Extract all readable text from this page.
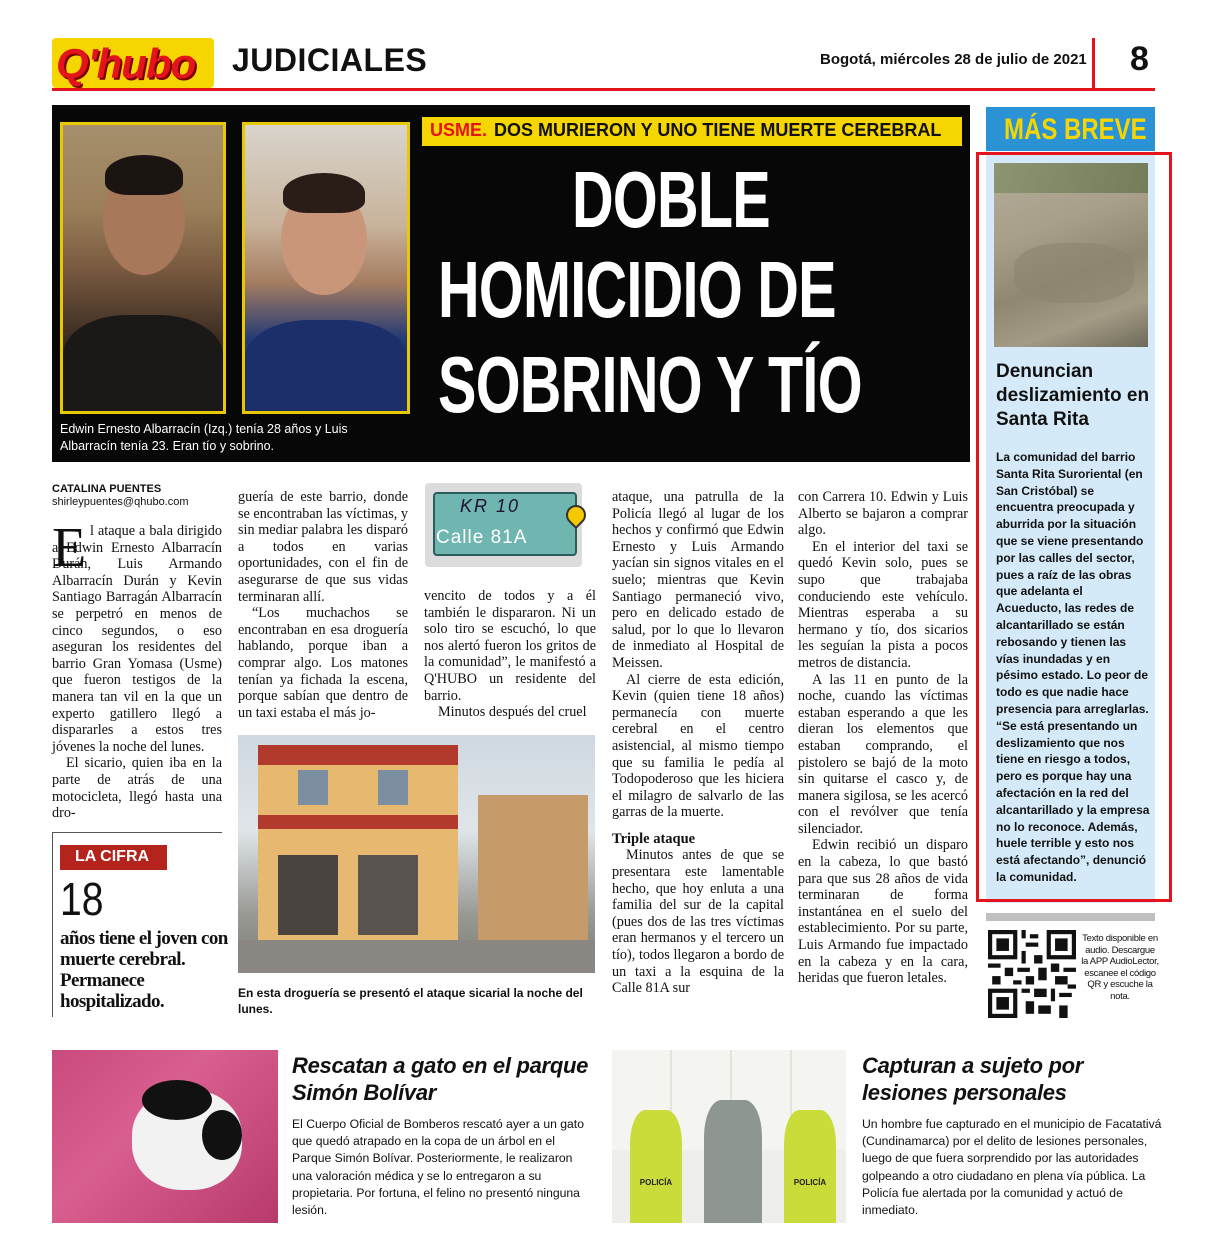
Q'hubo JUDICIALES	Bogotá, miércoles 28 de julio de 2021 8
Edwin Ernesto Albarracín (Izq.) tenía 28 años y Luis Albarracín tenía 23. Eran tío y sobrino.
USME. DOS MURIERON Y UNO TIENE MUERTE CEREBRAL
DOBLE
HOMICIDIO DE
SOBRINO Y TÍO
MÁS BREVE
Denuncian deslizamiento en Santa Rita
La comunidad del barrio Santa Rita Suroriental (en San Cristóbal) se encuentra preocupada y aburrida por la situación que se viene presentando por las calles del sector, pues a raíz de las obras que adelanta el Acueducto, las redes de alcantarillado se están rebosando y tienen las vías inundadas y en pésimo estado. Lo peor de todo es que nadie hace presencia para arreglarlas. “Se está presentando un deslizamiento que nos tiene en riesgo a todos, pero es porque hay una afectación en la red del alcantarillado y la empresa no lo reconoce. Además, huele terrible y esto nos está afectando”, denunció la comunidad.
Texto disponible en audio. Descargue la APP AudioLector, escanee el código QR y escuche la nota.
CATALINA PUENTES
shirleypuentes@qhubo.com
E l ataque a bala dirigido a Edwin Ernesto Albarracín Durán, Luis Armando Albarracín Durán y Kevin Santiago Barragán Albarracín se perpetró en menos de cinco segundos, o eso aseguran los residentes del barrio Gran Yomasa (Usme) que fueron testigos de la manera tan vil en la que un experto gatillero llegó a dispararles a estos tres jóvenes la noche del lunes.

El sicario, quien iba en la parte de atrás de una motocicleta, llegó hasta una dro-

guería de este barrio, donde se encontraban las víctimas, y sin mediar palabra les disparó a todos en varias oportunidades, con el fin de asegurarse de que sus vidas terminaran allí.

“Los muchachos se encontraban en esa droguería hablando, porque iban a comprar algo. Los matones tenían ya fichada la escena, porque sabían que dentro de un taxi estaba el más jo-

KR 10
Calle 81A

vencito de todos y a él también le dispararon. Ni un solo tiro se escuchó, lo que nos alertó fueron los gritos de la comunidad”, le manifestó a Q'HUBO un residente del barrio.

Minutos después del cruel

En esta droguería se presentó el ataque sicarial la noche del lunes.

ataque, una patrulla de la Policía llegó al lugar de los hechos y confirmó que Edwin Ernesto y Luis Armando yacían sin signos vitales en el suelo; mientras que Kevin Santiago permaneció vivo, pero en delicado estado de salud, por lo que lo llevaron de inmediato al Hospital de Meissen.

Al cierre de esta edición, Kevin (quien tiene 18 años) permanecía con muerte cerebral en el centro asistencial, al mismo tiempo que su familia le pedía al Todopoderoso que les hiciera el milagro de salvarlo de las garras de la muerte.

Triple ataque

Minutos antes de que se presentara este lamentable hecho, que hoy enluta a una familia del sur de la capital (pues dos de las tres víctimas eran hermanos y el tercero un tío), todos llegaron a bordo de un taxi a la esquina de la Calle 81A sur

con Carrera 10. Edwin y Luis Alberto se bajaron a comprar algo.

En el interior del taxi se quedó Kevin solo, pues se supo que trabajaba conduciendo este vehículo. Mientras esperaba a su hermano y tío, dos sicarios les seguían la pista a pocos metros de distancia.

A las 11 en punto de la noche, cuando las víctimas estaban esperando a que les dieran los elementos que estaban comprando, el pistolero se bajó de la moto sin quitarse el casco y, de manera sigilosa, se les acercó con el revólver que tenía silenciador.

Edwin recibió un disparo en la cabeza, lo que bastó para que sus 28 años de vida terminaran de forma instantánea en el suelo del establecimiento. Por su parte, Luis Armando fue impactado en la cabeza y en la cara, heridas que fueron letales.

LA CIFRA
18
años tiene el joven con muerte cerebral. Permanece hospitalizado.
Rescatan a gato en el parque Simón Bolívar
El Cuerpo Oficial de Bomberos rescató ayer a un gato que quedó atrapado en la copa de un árbol en el Parque Simón Bolívar. Posteriormente, le realizaron una valoración médica y se lo entregaron a su propietaria. Por fortuna, el felino no presentó ninguna lesión.
POLICÍA	POLICÍA
Capturan a sujeto por lesiones personales
Un hombre fue capturado en el municipio de Facatativá (Cundinamarca) por el delito de lesiones personales, luego de que fuera sorprendido por las autoridades golpeando a otro ciudadano en plena vía pública. La Policía fue alertada por la comunidad y actuó de inmediato.
